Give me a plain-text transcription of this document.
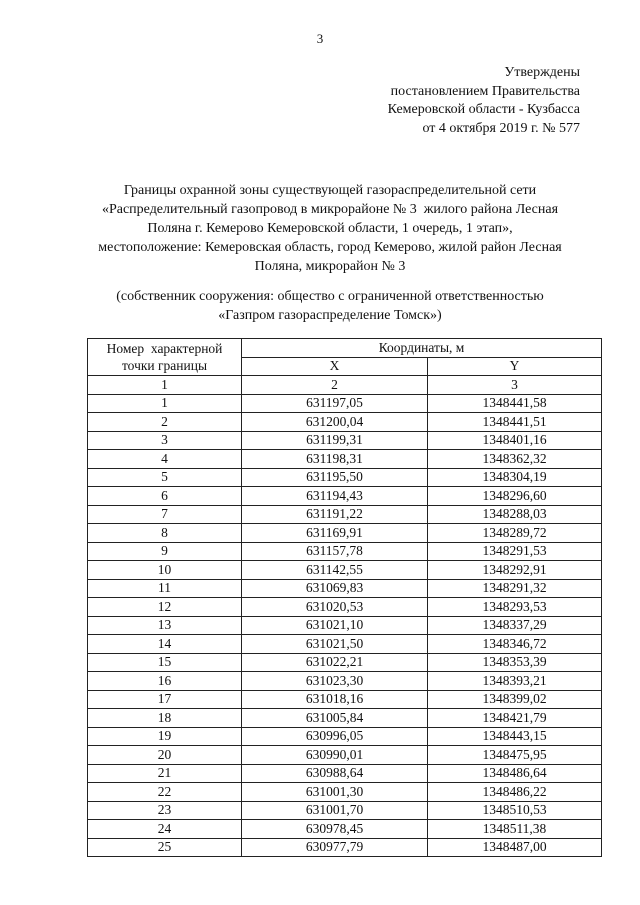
3
Утверждены
постановлением Правительства
Кемеровской области - Кузбасса
от 4 октября 2019 г. № 577
Границы охранной зоны существующей газораспределительной сети
«Распределительный газопровод в микрорайоне № 3  жилого района Лесная
Поляна г. Кемерово Кемеровской области, 1 очередь, 1 этап»,
местоположение: Кемеровская область, город Кемерово, жилой район Лесная
Поляна, микрорайон № 3
(собственник сооружения: общество с ограниченной ответственностью
«Газпром газораспределение Томск»)
Номер  характерной точки границы	Координаты, м	
	X	Y
1	2	3
1	631197,05	1348441,58
2	631200,04	1348441,51
3	631199,31	1348401,16
4	631198,31	1348362,32
5	631195,50	1348304,19
6	631194,43	1348296,60
7	631191,22	1348288,03
8	631169,91	1348289,72
9	631157,78	1348291,53
10	631142,55	1348292,91
11	631069,83	1348291,32
12	631020,53	1348293,53
13	631021,10	1348337,29
14	631021,50	1348346,72
15	631022,21	1348353,39
16	631023,30	1348393,21
17	631018,16	1348399,02
18	631005,84	1348421,79
19	630996,05	1348443,15
20	630990,01	1348475,95
21	630988,64	1348486,64
22	631001,30	1348486,22
23	631001,70	1348510,53
24	630978,45	1348511,38
25	630977,79	1348487,00
